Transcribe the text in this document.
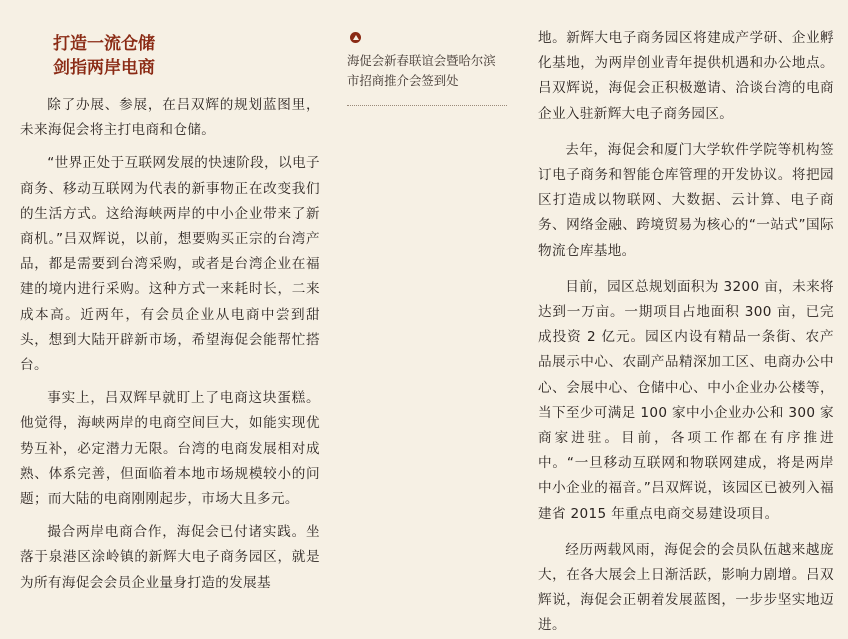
打造一流仓储
剑指两岸电商

除了办展、参展，在吕双辉的规划蓝图里，未来海促会将主打电商和仓储。

“世界正处于互联网发展的快速阶段，以电子商务、移动互联网为代表的新事物正在改变我们的生活方式。这给海峡两岸的中小企业带来了新商机。”吕双辉说，以前，想要购买正宗的台湾产品，都是需要到台湾采购，或者是台湾企业在福建的境内进行采购。这种方式一来耗时长，二来成本高。近两年，有会员企业从电商中尝到甜头，想到大陆开辟新市场，希望海促会能帮忙搭台。

事实上，吕双辉早就盯上了电商这块蛋糕。他觉得，海峡两岸的电商空间巨大，如能实现优势互补，必定潜力无限。台湾的电商发展相对成熟、体系完善，但面临着本地市场规模较小的问题；而大陆的电商刚刚起步，市场大且多元。

撮合两岸电商合作，海促会已付诸实践。坐落于泉港区涂岭镇的新辉大电子商务园区，就是为所有海促会会员企业量身打造的发展基

海促会新春联谊会暨哈尔滨
市招商推介会签到处

地。新辉大电子商务园区将建成产学研、企业孵化基地，为两岸创业青年提供机遇和办公地点。吕双辉说，海促会正积极邀请、洽谈台湾的电商企业入驻新辉大电子商务园区。

去年，海促会和厦门大学软件学院等机构签订电子商务和智能仓库管理的开发协议。将把园区打造成以物联网、大数据、云计算、电子商务、网络金融、跨境贸易为核心的“一站式”国际物流仓库基地。

目前，园区总规划面积为 3200 亩，未来将达到一万亩。一期项目占地面积 300 亩，已完成投资 2 亿元。园区内设有精品一条街、农产品展示中心、农副产品精深加工区、电商办公中心、会展中心、仓储中心、中小企业办公楼等，当下至少可满足 100 家中小企业办公和 300 家商家进驻。目前，各项工作都在有序推进中。“一旦移动互联网和物联网建成，将是两岸中小企业的福音。”吕双辉说，该园区已被列入福建省 2015 年重点电商交易建设项目。

经历两载风雨，海促会的会员队伍越来越庞大，在各大展会上日渐活跃，影响力剧增。吕双辉说，海促会正朝着发展蓝图，一步步坚实地迈进。
